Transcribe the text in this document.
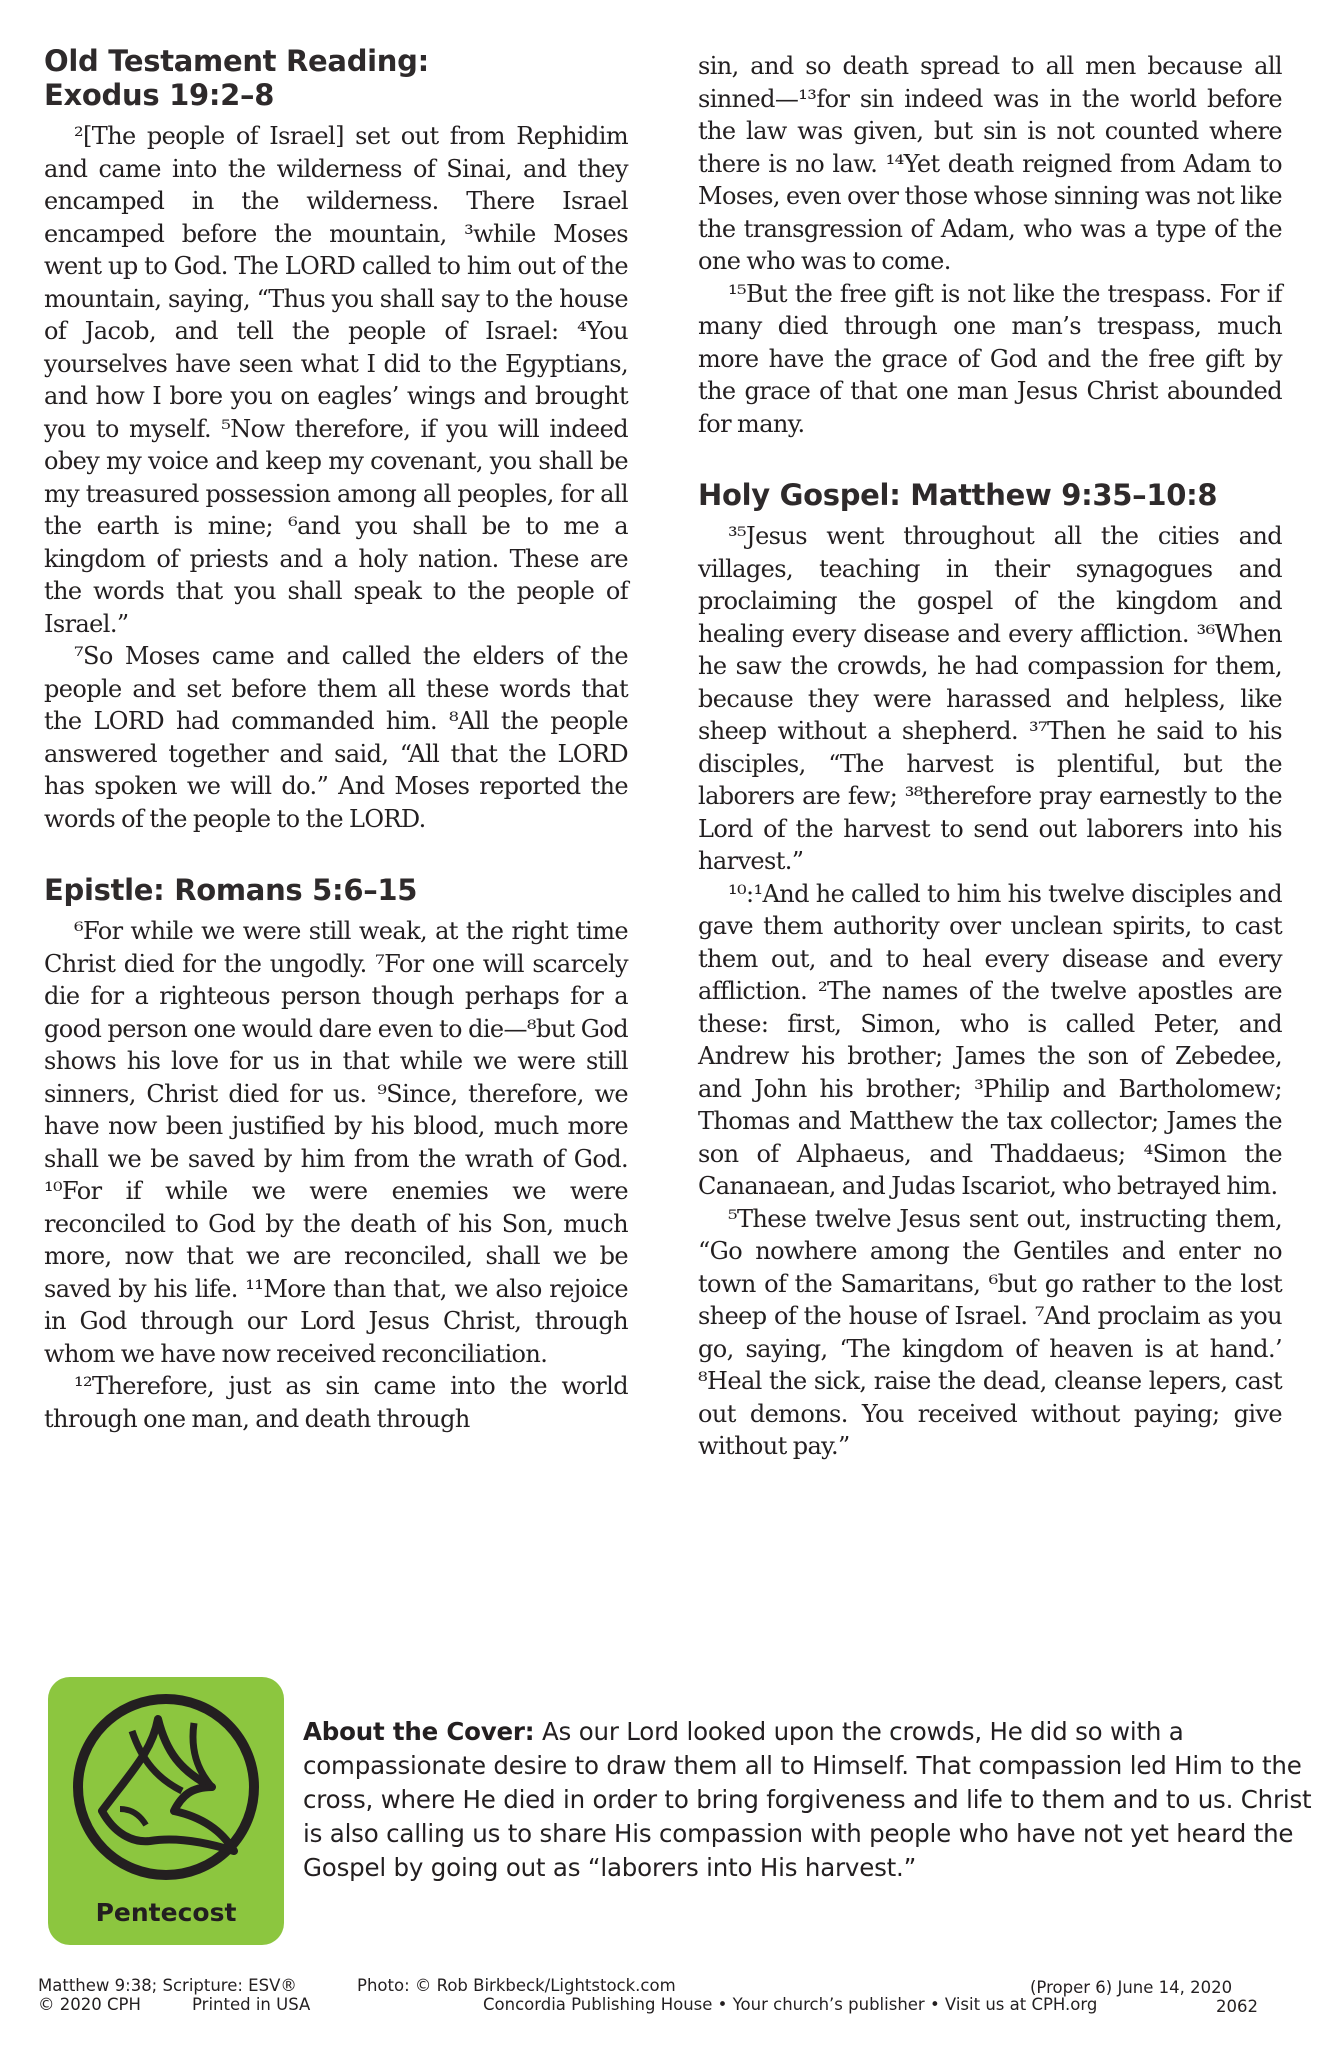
Old Testament Reading:
Exodus 19:2–8

²[The people of Israel] set out from Rephidim and came into the wilderness of Sinai, and they encamped in the wilderness. There Israel encamped before the mountain, ³while Moses went up to God. The LORD called to him out of the mountain, saying, “Thus you shall say to the house of Jacob, and tell the people of Israel: ⁴You yourselves have seen what I did to the Egyptians, and how I bore you on eagles’ wings and brought you to myself. ⁵Now therefore, if you will indeed obey my voice and keep my covenant, you shall be my treasured possession among all peoples, for all the earth is mine; ⁶and you shall be to me a kingdom of priests and a holy nation. These are the words that you shall speak to the people of Israel.”

⁷So Moses came and called the elders of the people and set before them all these words that the LORD had commanded him. ⁸All the people answered together and said, “All that the LORD has spoken we will do.” And Moses reported the words of the people to the LORD.

Epistle: Romans 5:6–15

⁶For while we were still weak, at the right time Christ died for the ungodly. ⁷For one will scarcely die for a righteous person though perhaps for a good person one would dare even to die—⁸but God shows his love for us in that while we were still sinners, Christ died for us. ⁹Since, therefore, we have now been justified by his blood, much more shall we be saved by him from the wrath of God. ¹⁰For if while we were enemies we were reconciled to God by the death of his Son, much more, now that we are reconciled, shall we be saved by his life. ¹¹More than that, we also rejoice in God through our Lord Jesus Christ, through whom we have now received reconciliation.

¹²Therefore, just as sin came into the world through one man, and death through

sin, and so death spread to all men because all sinned—¹³for sin indeed was in the world before the law was given, but sin is not counted where there is no law. ¹⁴Yet death reigned from Adam to Moses, even over those whose sinning was not like the transgression of Adam, who was a type of the one who was to come.

¹⁵But the free gift is not like the trespass. For if many died through one man’s trespass, much more have the grace of God and the free gift by the grace of that one man Jesus Christ abounded for many.

Holy Gospel: Matthew 9:35–10:8

³⁵Jesus went throughout all the cities and villages, teaching in their synagogues and proclaiming the gospel of the kingdom and healing every disease and every affliction. ³⁶When he saw the crowds, he had compassion for them, because they were harassed and helpless, like sheep without a shepherd. ³⁷Then he said to his disciples, “The harvest is plentiful, but the laborers are few; ³⁸therefore pray earnestly to the Lord of the harvest to send out laborers into his harvest.”

¹⁰:¹And he called to him his twelve disciples and gave them authority over unclean spirits, to cast them out, and to heal every disease and every affliction. ²The names of the twelve apostles are these: first, Simon, who is called Peter, and Andrew his brother; James the son of Zebedee, and John his brother; ³Philip and Bartholomew; Thomas and Matthew the tax collector; James the son of Alphaeus, and Thaddaeus; ⁴Simon the Cananaean, and Judas Iscariot, who betrayed him.

⁵These twelve Jesus sent out, instructing them, “Go nowhere among the Gentiles and enter no town of the Samaritans, ⁶but go rather to the lost sheep of the house of Israel. ⁷And proclaim as you go, saying, ‘The kingdom of heaven is at hand.’ ⁸Heal the sick, raise the dead, cleanse lepers, cast out demons. You received without paying; give without pay.”

Pentecost
About the Cover: As our Lord looked upon the crowds, He did so with a compassionate desire to draw them all to Himself. That compassion led Him to the cross, where He died in order to bring forgiveness and life to them and to us. Christ is also calling us to share His compassion with people who have not yet heard the Gospel by going out as “laborers into His harvest.”
Matthew 9:38; Scripture: ESV®
© 2020 CPH	Printed in USA
Photo: © Rob Birkbeck/Lightstock.com
Concordia Publishing House • Your church’s publisher • Visit us at CPH.org
(Proper 6) June 14, 2020
2062
